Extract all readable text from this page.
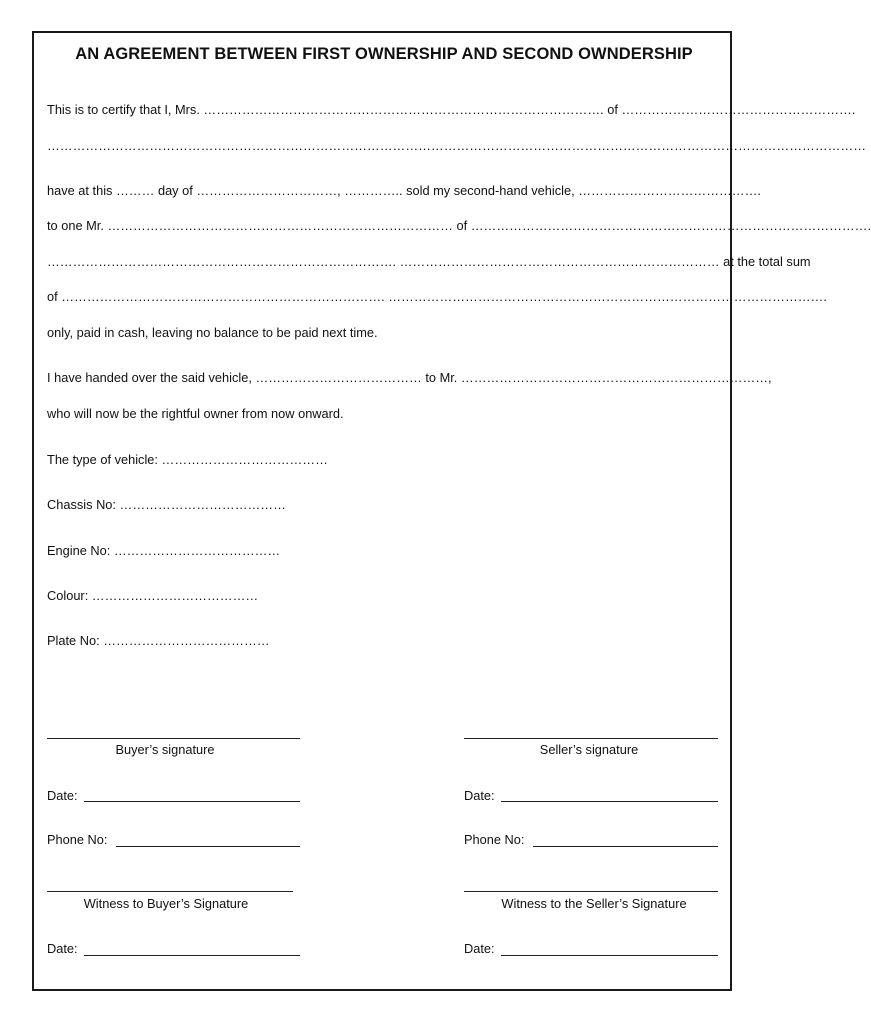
AN AGREEMENT BETWEEN FIRST OWNERSHIP AND SECOND OWNDERSHIP
This is to certify that I, Mrs. …………………………………………………………………………………. of ……………………………………………….
…………………………………………………………………………………………………………………………………………………………………………
have at this ……… day of ……………………………, ………….. sold my second-hand vehicle, …………………………………….
to one Mr. ……………………………………………………………………… of ………………………………………………………………………………….
………………………………………………………………………. ………………………………………………………………… at the total sum
of …………………………………………………………………. ………………………………………………………………………………………….
only, paid in cash, leaving no balance to be paid next time.
I have handed over the said vehicle, ………………………………… to Mr. ………………………………………………………………,
who will now be the rightful owner from now onward.
The type of vehicle: …………………………………
Chassis No: …………………………………
Engine No: …………………………………
Colour: …………………………………
Plate No: …………………………………
Buyer’s signature
Date:
Phone No:
Witness to Buyer’s Signature
Date:
Seller’s signature
Date:
Phone No:
Witness to the Seller’s Signature
Date:
